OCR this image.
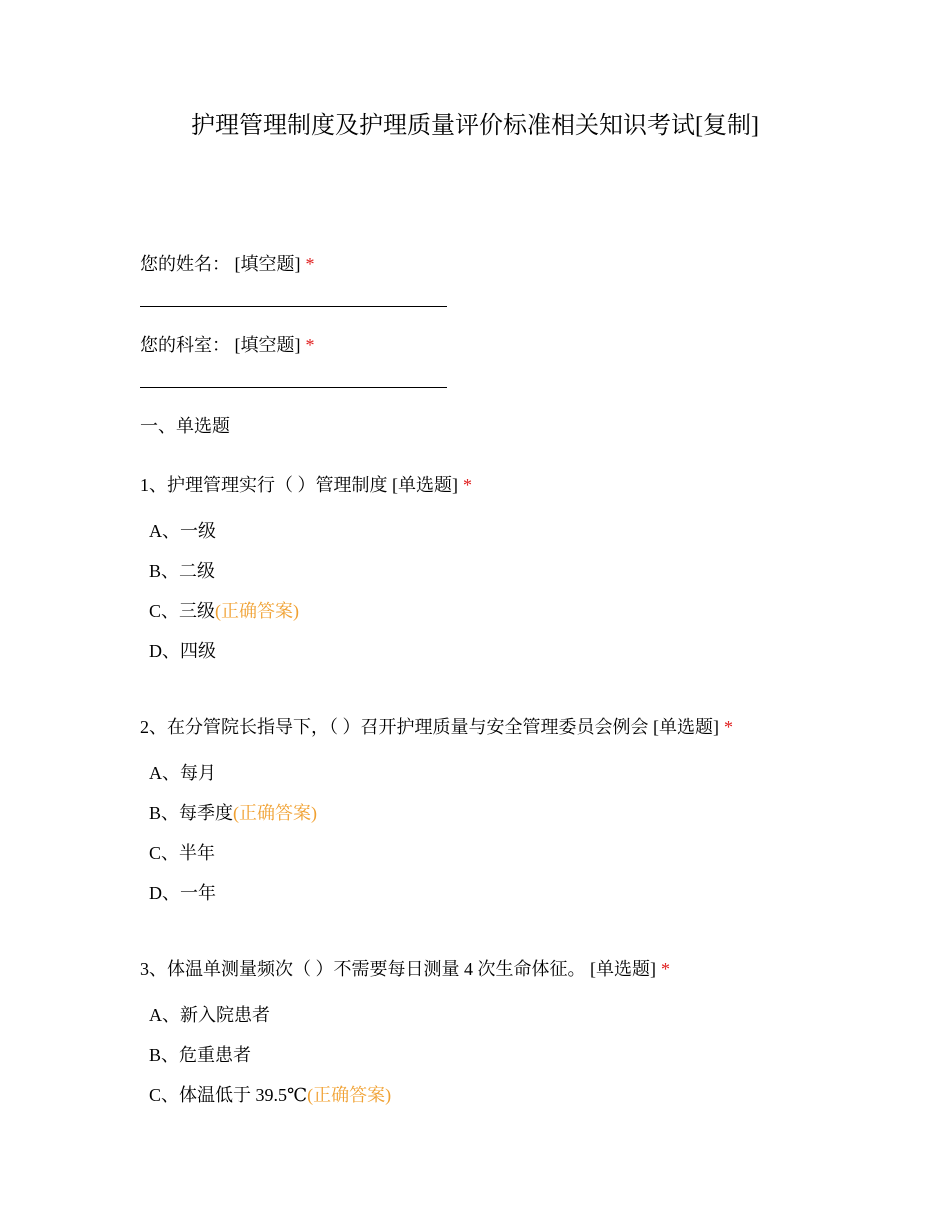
护理管理制度及护理质量评价标准相关知识考试[复制]
您的姓名： [填空题] *
您的科室： [填空题] *
一、单选题
1、护理管理实行（ ）管理制度 [单选题] *
A、一级
B、二级
C、三级(正确答案)
D、四级
2、在分管院长指导下，（ ）召开护理质量与安全管理委员会例会 [单选题] *
A、每月
B、每季度(正确答案)
C、半年
D、一年
3、体温单测量频次（ ）不需要每日测量 4 次生命体征。 [单选题] *
A、新入院患者
B、危重患者
C、体温低于 39.5℃(正确答案)
